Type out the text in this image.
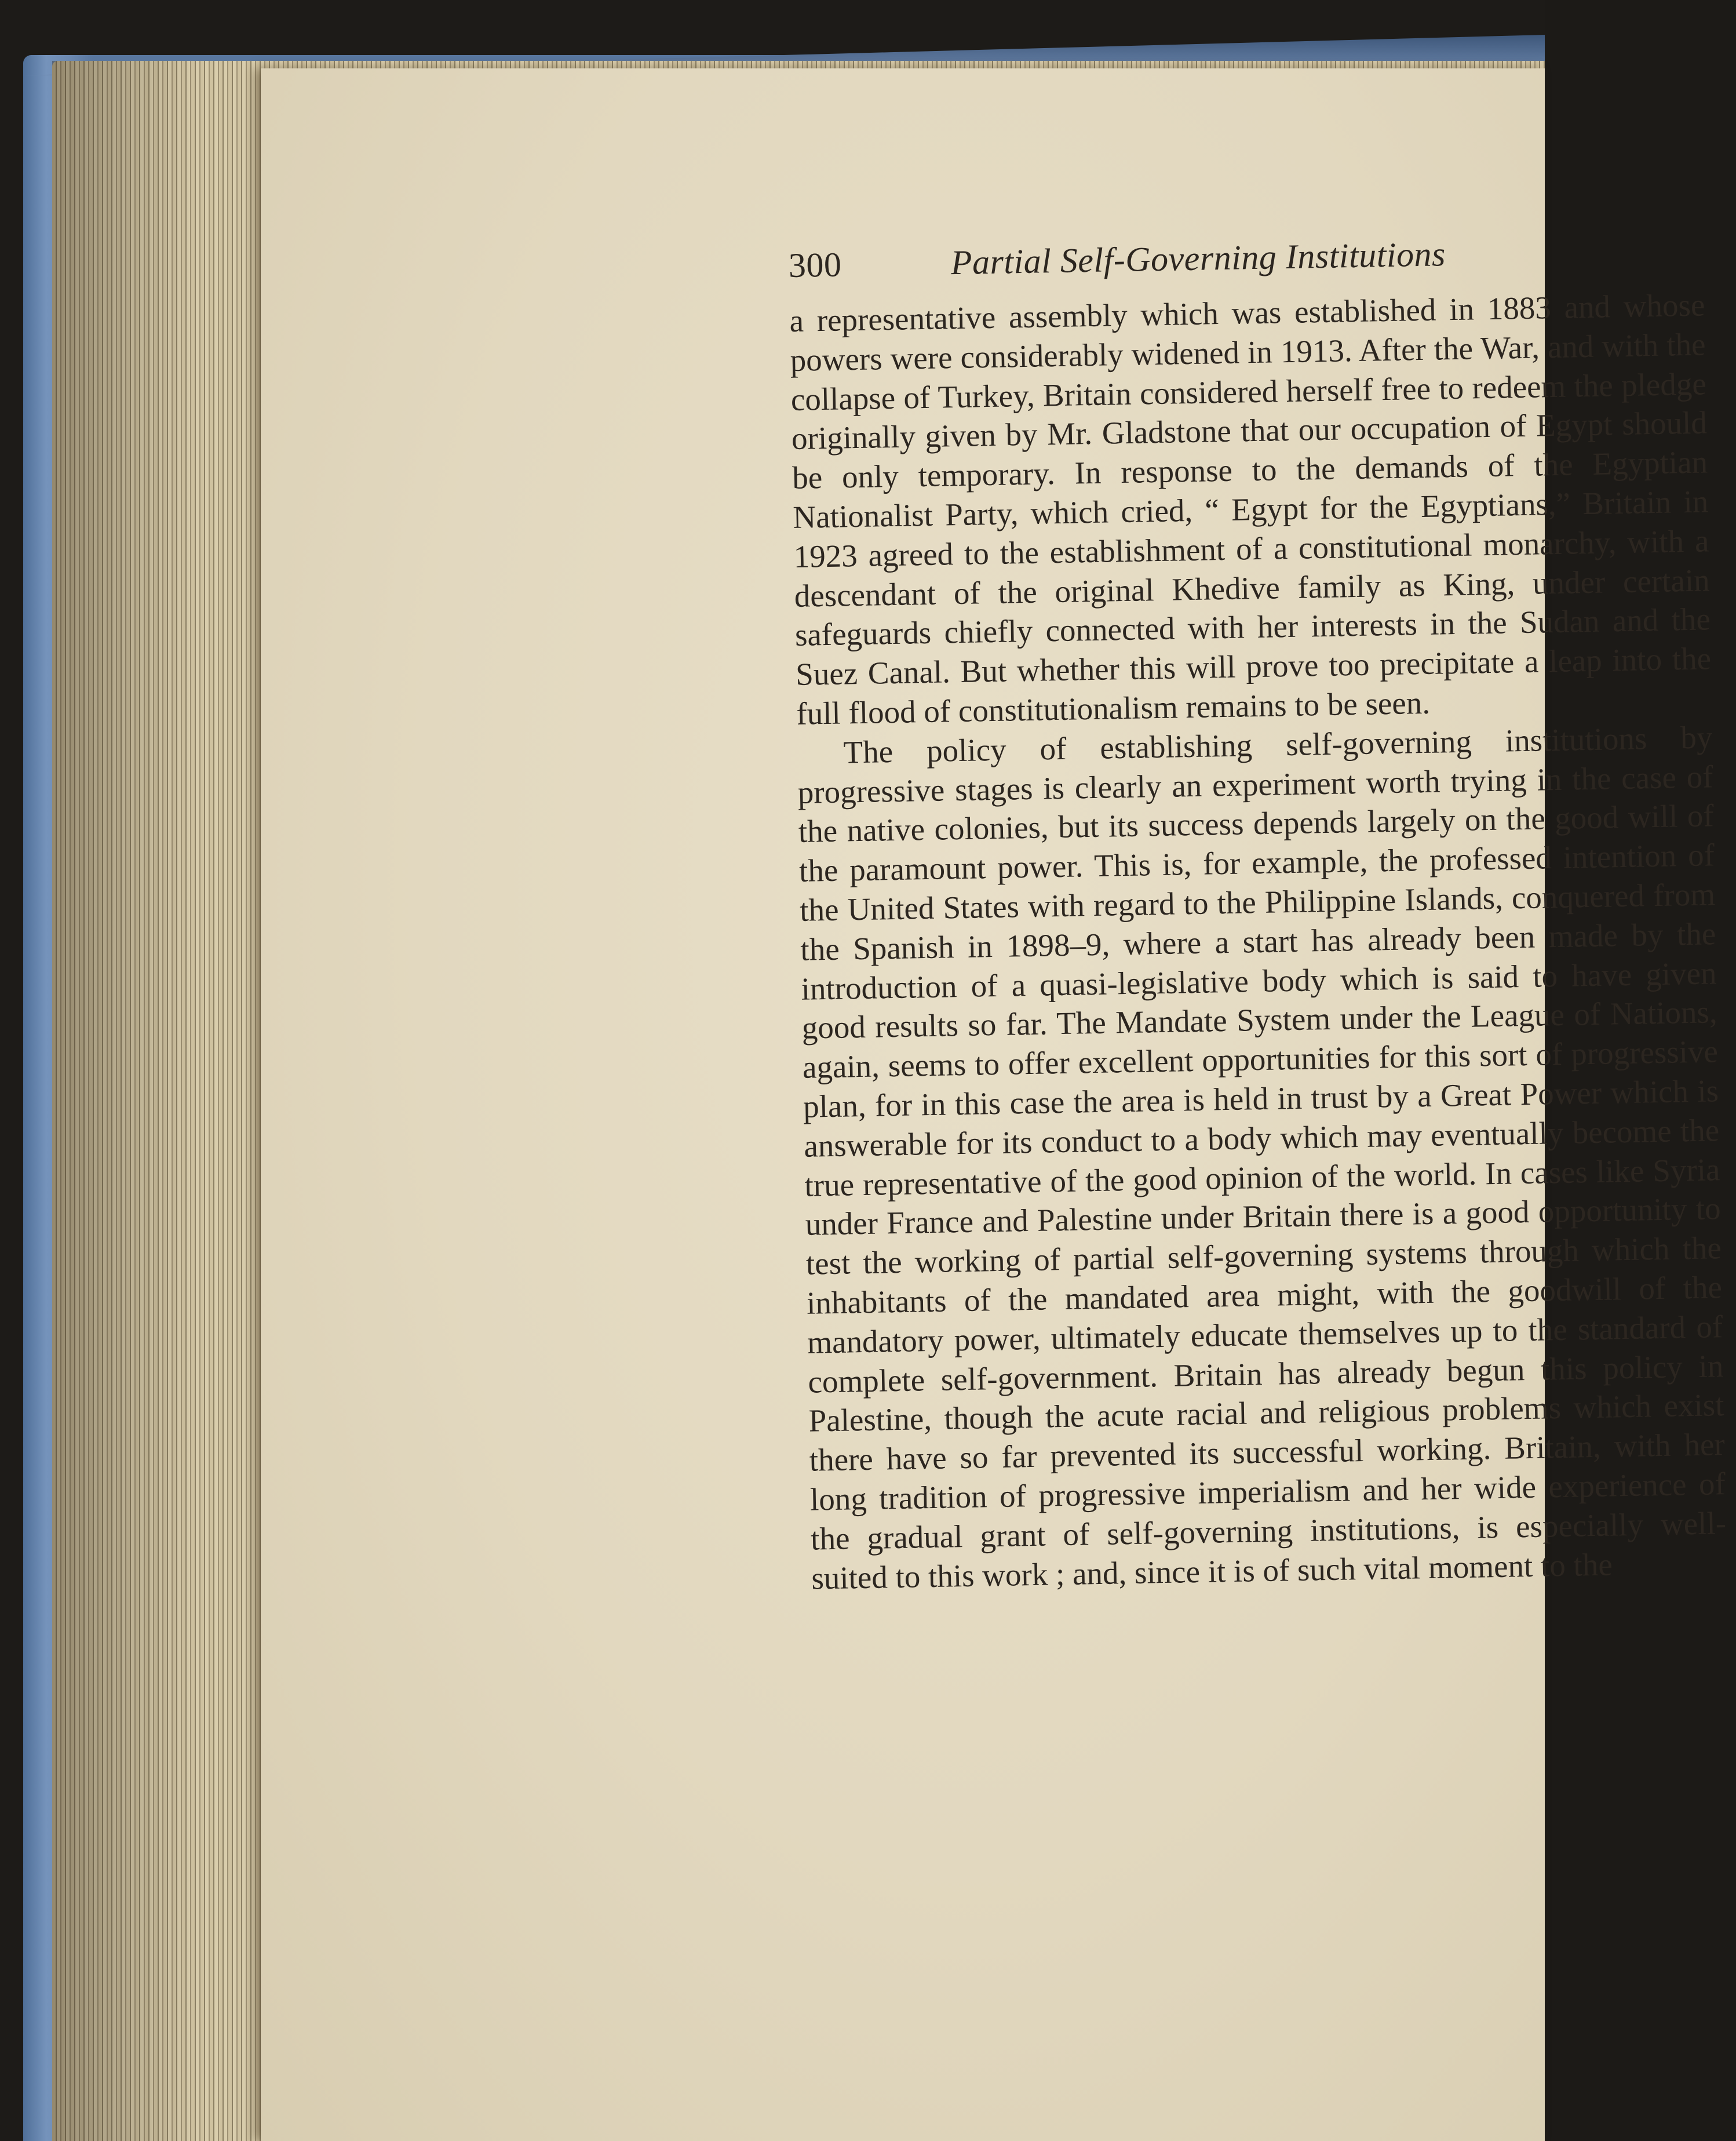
300	Partial Self-Governing Institutions

a representative assembly which was established in 1883 and whose powers were considerably widened in 1913. After the War, and with the collapse of Turkey, Britain considered herself free to redeem the pledge originally given by Mr. Gladstone that our occupation of Egypt should be only temporary. In response to the demands of the Egyptian Nationalist Party, which cried, “ Egypt for the Egyptians,” Britain in 1923 agreed to the establishment of a constitutional monarchy, with a descendant of the original Khedive family as King, under certain safeguards chiefly connected with her interests in the Sudan and the Suez Canal. But whether this will prove too precipitate a leap into the full flood of constitutionalism remains to be seen.

The policy of establishing self-governing institutions by progressive stages is clearly an experiment worth trying in the case of the native colonies, but its success depends largely on the good will of the paramount power. This is, for example, the professed intention of the United States with regard to the Philippine Islands, conquered from the Spanish in 1898–9, where a start has already been made by the introduction of a quasi-legislative body which is said to have given good results so far. The Mandate System under the League of Nations, again, seems to offer excellent opportunities for this sort of progressive plan, for in this case the area is held in trust by a Great Power which is answerable for its conduct to a body which may eventually become the true representative of the good opinion of the world. In cases like Syria under France and Palestine under Britain there is a good opportunity to test the working of partial self-governing systems through which the inhabitants of the mandated area might, with the goodwill of the mandatory power, ultimately educate themselves up to the standard of complete self-government. Britain has already begun this policy in Palestine, though the acute racial and religious problems which exist there have so far prevented its successful working. Britain, with her long tradition of progressive imperialism and her wide experience of the gradual grant of self-governing institutions, is especially well-suited to this work ; and, since it is of such vital moment to the
